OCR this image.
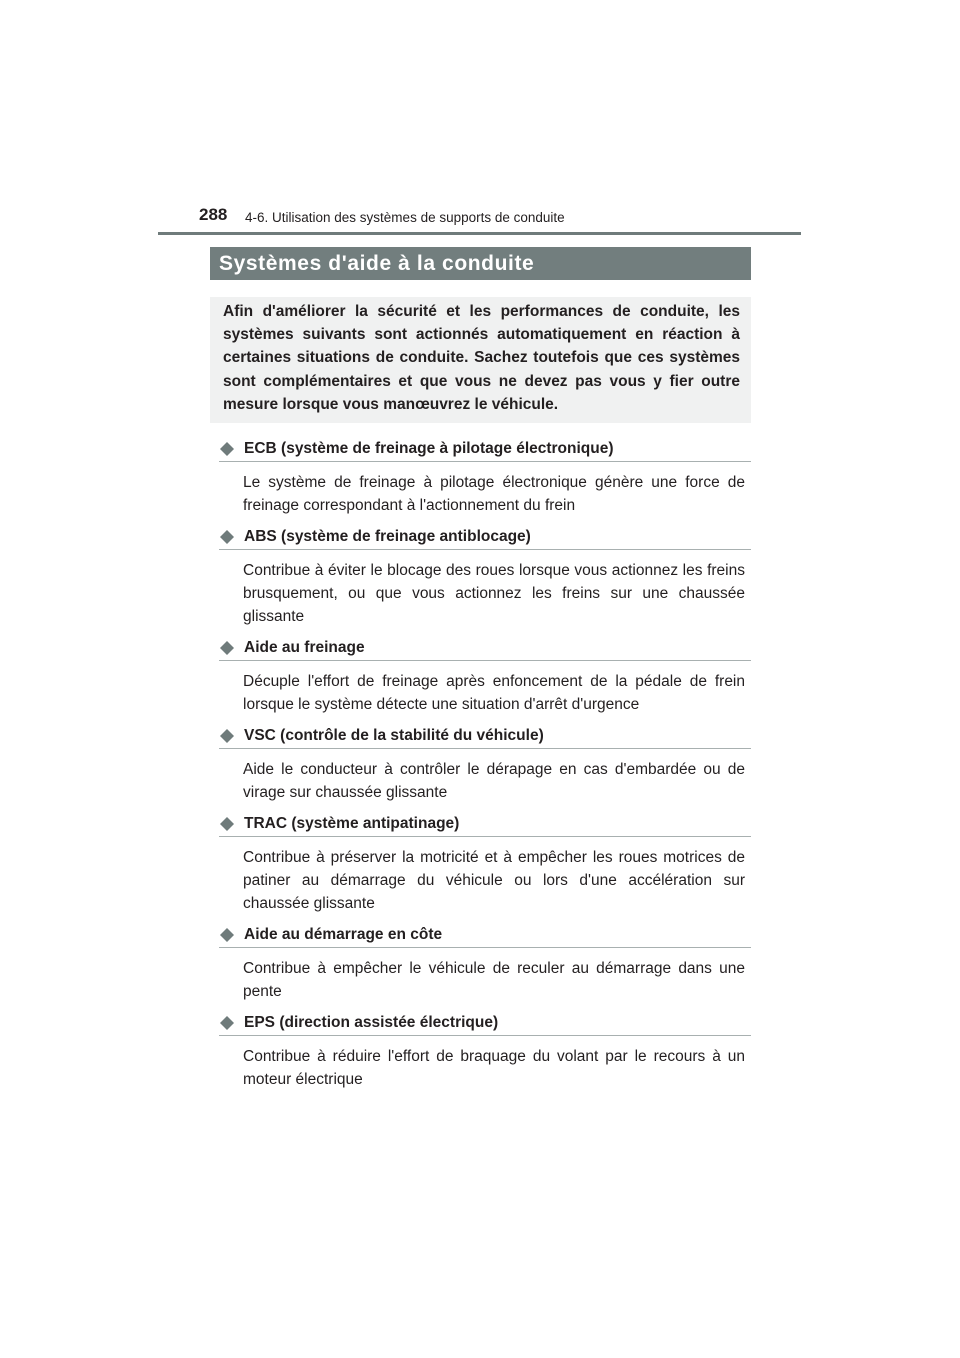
288 4-6. Utilisation des systèmes de supports de conduite
Systèmes d'aide à la conduite

Afin d'améliorer la sécurité et les performances de conduite, les systèmes suivants sont actionnés automatiquement en réaction à certaines situations de conduite. Sachez toutefois que ces systèmes sont complémentaires et que vous ne devez pas vous y fier outre mesure lorsque vous manœuvrez le véhicule.

ECB (système de freinage à pilotage électronique)

Le système de freinage à pilotage électronique génère une force de freinage correspondant à l'actionnement du frein

ABS (système de freinage antiblocage)

Contribue à éviter le blocage des roues lorsque vous actionnez les freins brusquement, ou que vous actionnez les freins sur une chaussée glissante

Aide au freinage

Décuple l'effort de freinage après enfoncement de la pédale de frein lorsque le système détecte une situation d'arrêt d'urgence

VSC (contrôle de la stabilité du véhicule)

Aide le conducteur à contrôler le dérapage en cas d'embardée ou de virage sur chaussée glissante

TRAC (système antipatinage)

Contribue à préserver la motricité et à empêcher les roues motrices de patiner au démarrage du véhicule ou lors d'une accélération sur chaussée glissante

Aide au démarrage en côte

Contribue à empêcher le véhicule de reculer au démarrage dans une pente

EPS (direction assistée électrique)

Contribue à réduire l'effort de braquage du volant par le recours à un moteur électrique
